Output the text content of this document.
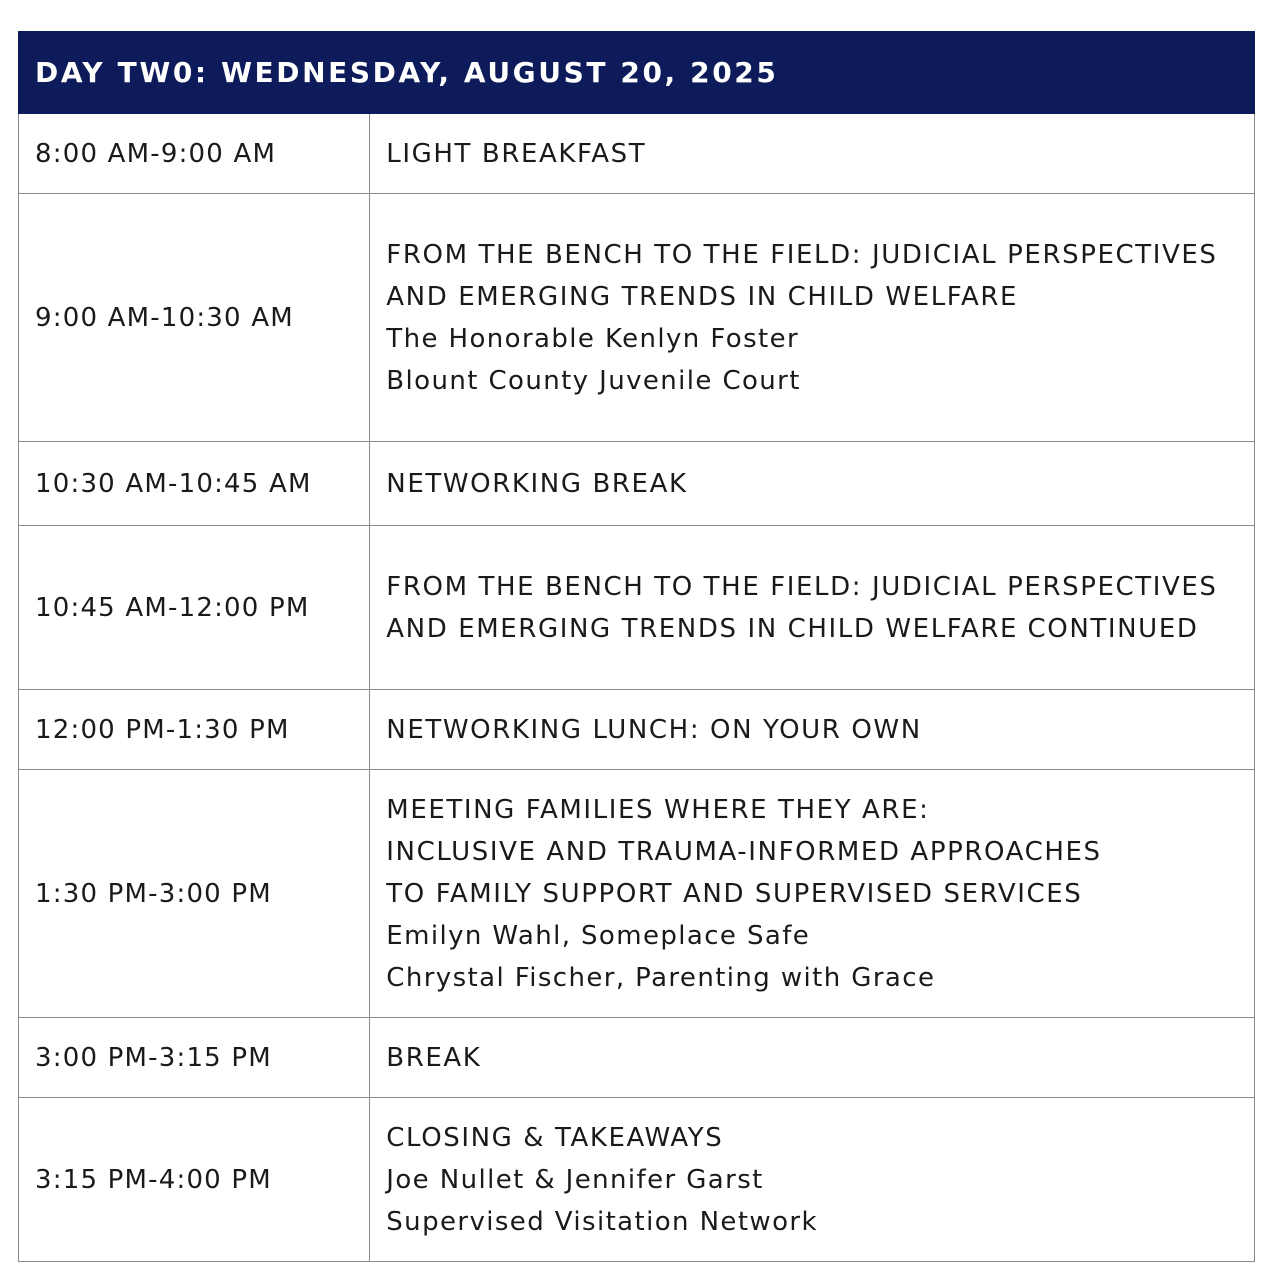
DAY TW0: WEDNESDAY, AUGUST 20, 2025	
8:00 AM-9:00 AM	LIGHT BREAKFAST

9:00 AM-10:30 AM	FROM THE BENCH TO THE FIELD: JUDICIAL PERSPECTIVES AND EMERGING TRENDS IN CHILD WELFARE
The Honorable Kenlyn Foster
Blount County Juvenile Court

10:30 AM-10:45 AM	NETWORKING BREAK

10:45 AM-12:00 PM	FROM THE BENCH TO THE FIELD: JUDICIAL PERSPECTIVES AND EMERGING TRENDS IN CHILD WELFARE CONTINUED
12:00 PM-1:30 PM	NETWORKING LUNCH: ON YOUR OWN

1:30 PM-3:00 PM	MEETING FAMILIES WHERE THEY ARE:
INCLUSIVE AND TRAUMA-INFORMED APPROACHES
TO FAMILY SUPPORT AND SUPERVISED SERVICES
Emilyn Wahl, Someplace Safe
Chrystal Fischer, Parenting with Grace

3:00 PM-3:15 PM	BREAK

3:15 PM-4:00 PM	CLOSING & TAKEAWAYS
Joe Nullet & Jennifer Garst
Supervised Visitation Network
